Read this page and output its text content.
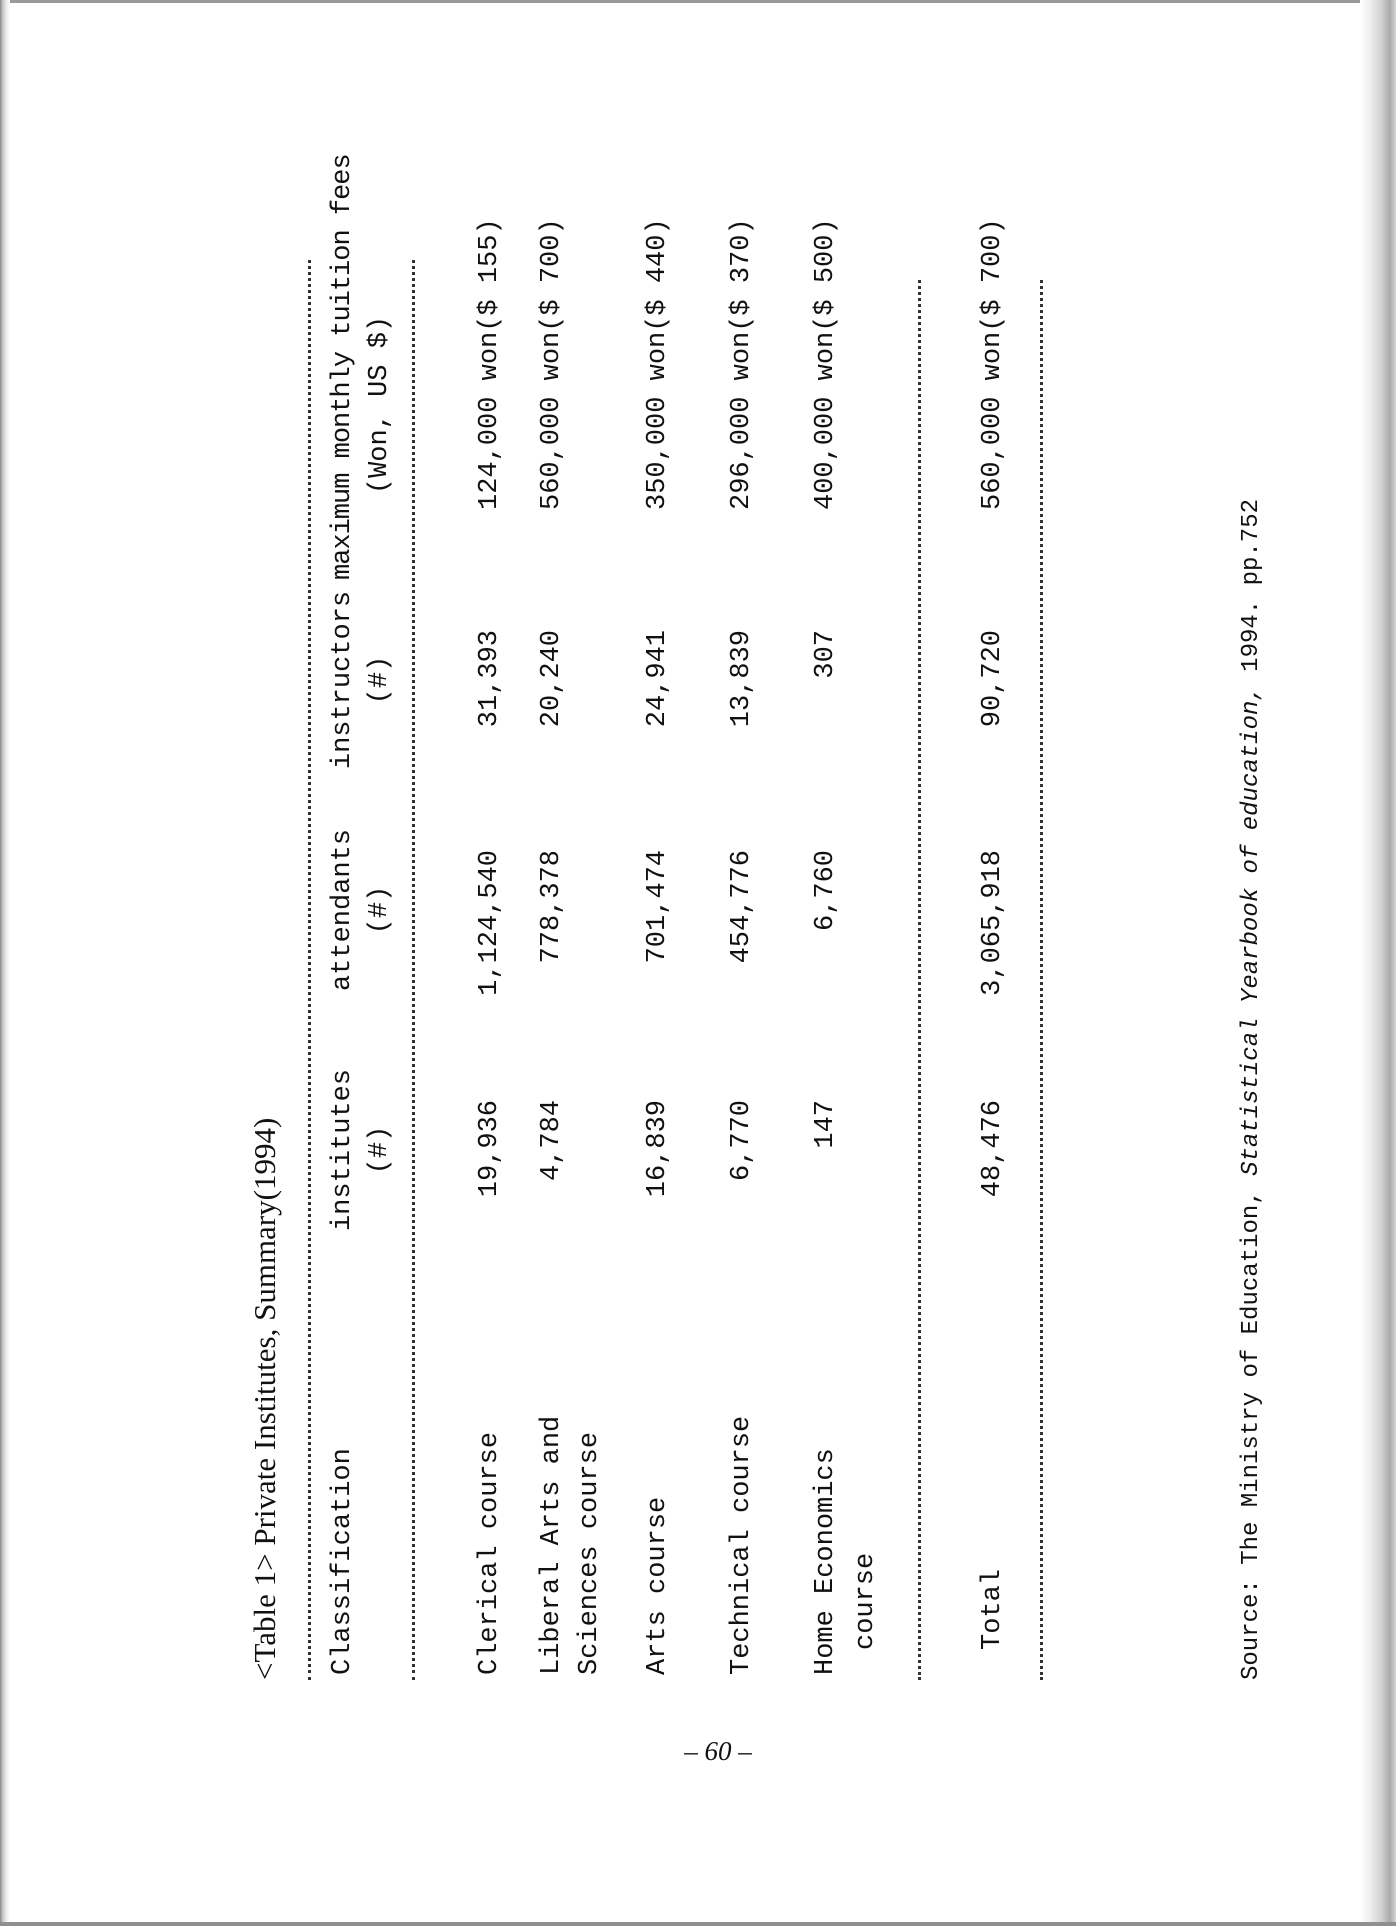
– 60 –
<Table 1> Private Institutes, Summary(1994) Classification
institutes (#)
attendants (#)
instructors (#)
maximum monthly tuition fees (Won, US $)
Clerical course
19,936
1,124,540
31,393
124,000 won($ 155)
Liberal Arts and Sciences course
4,784
778,378
20,240
560,000 won($ 700)
Arts course
16,839
701,474
24,941
350,000 won($ 440)
Technical course
6,770
454,776
13,839
296,000 won($ 370)
Home Economics course
147
6,760
307
400,000 won($ 500)
Total
48,476
3,065,918
90,720
560,000 won($ 700)
Source: The Ministry of Education, Statistical Yearbook of education, 1994. pp.752
